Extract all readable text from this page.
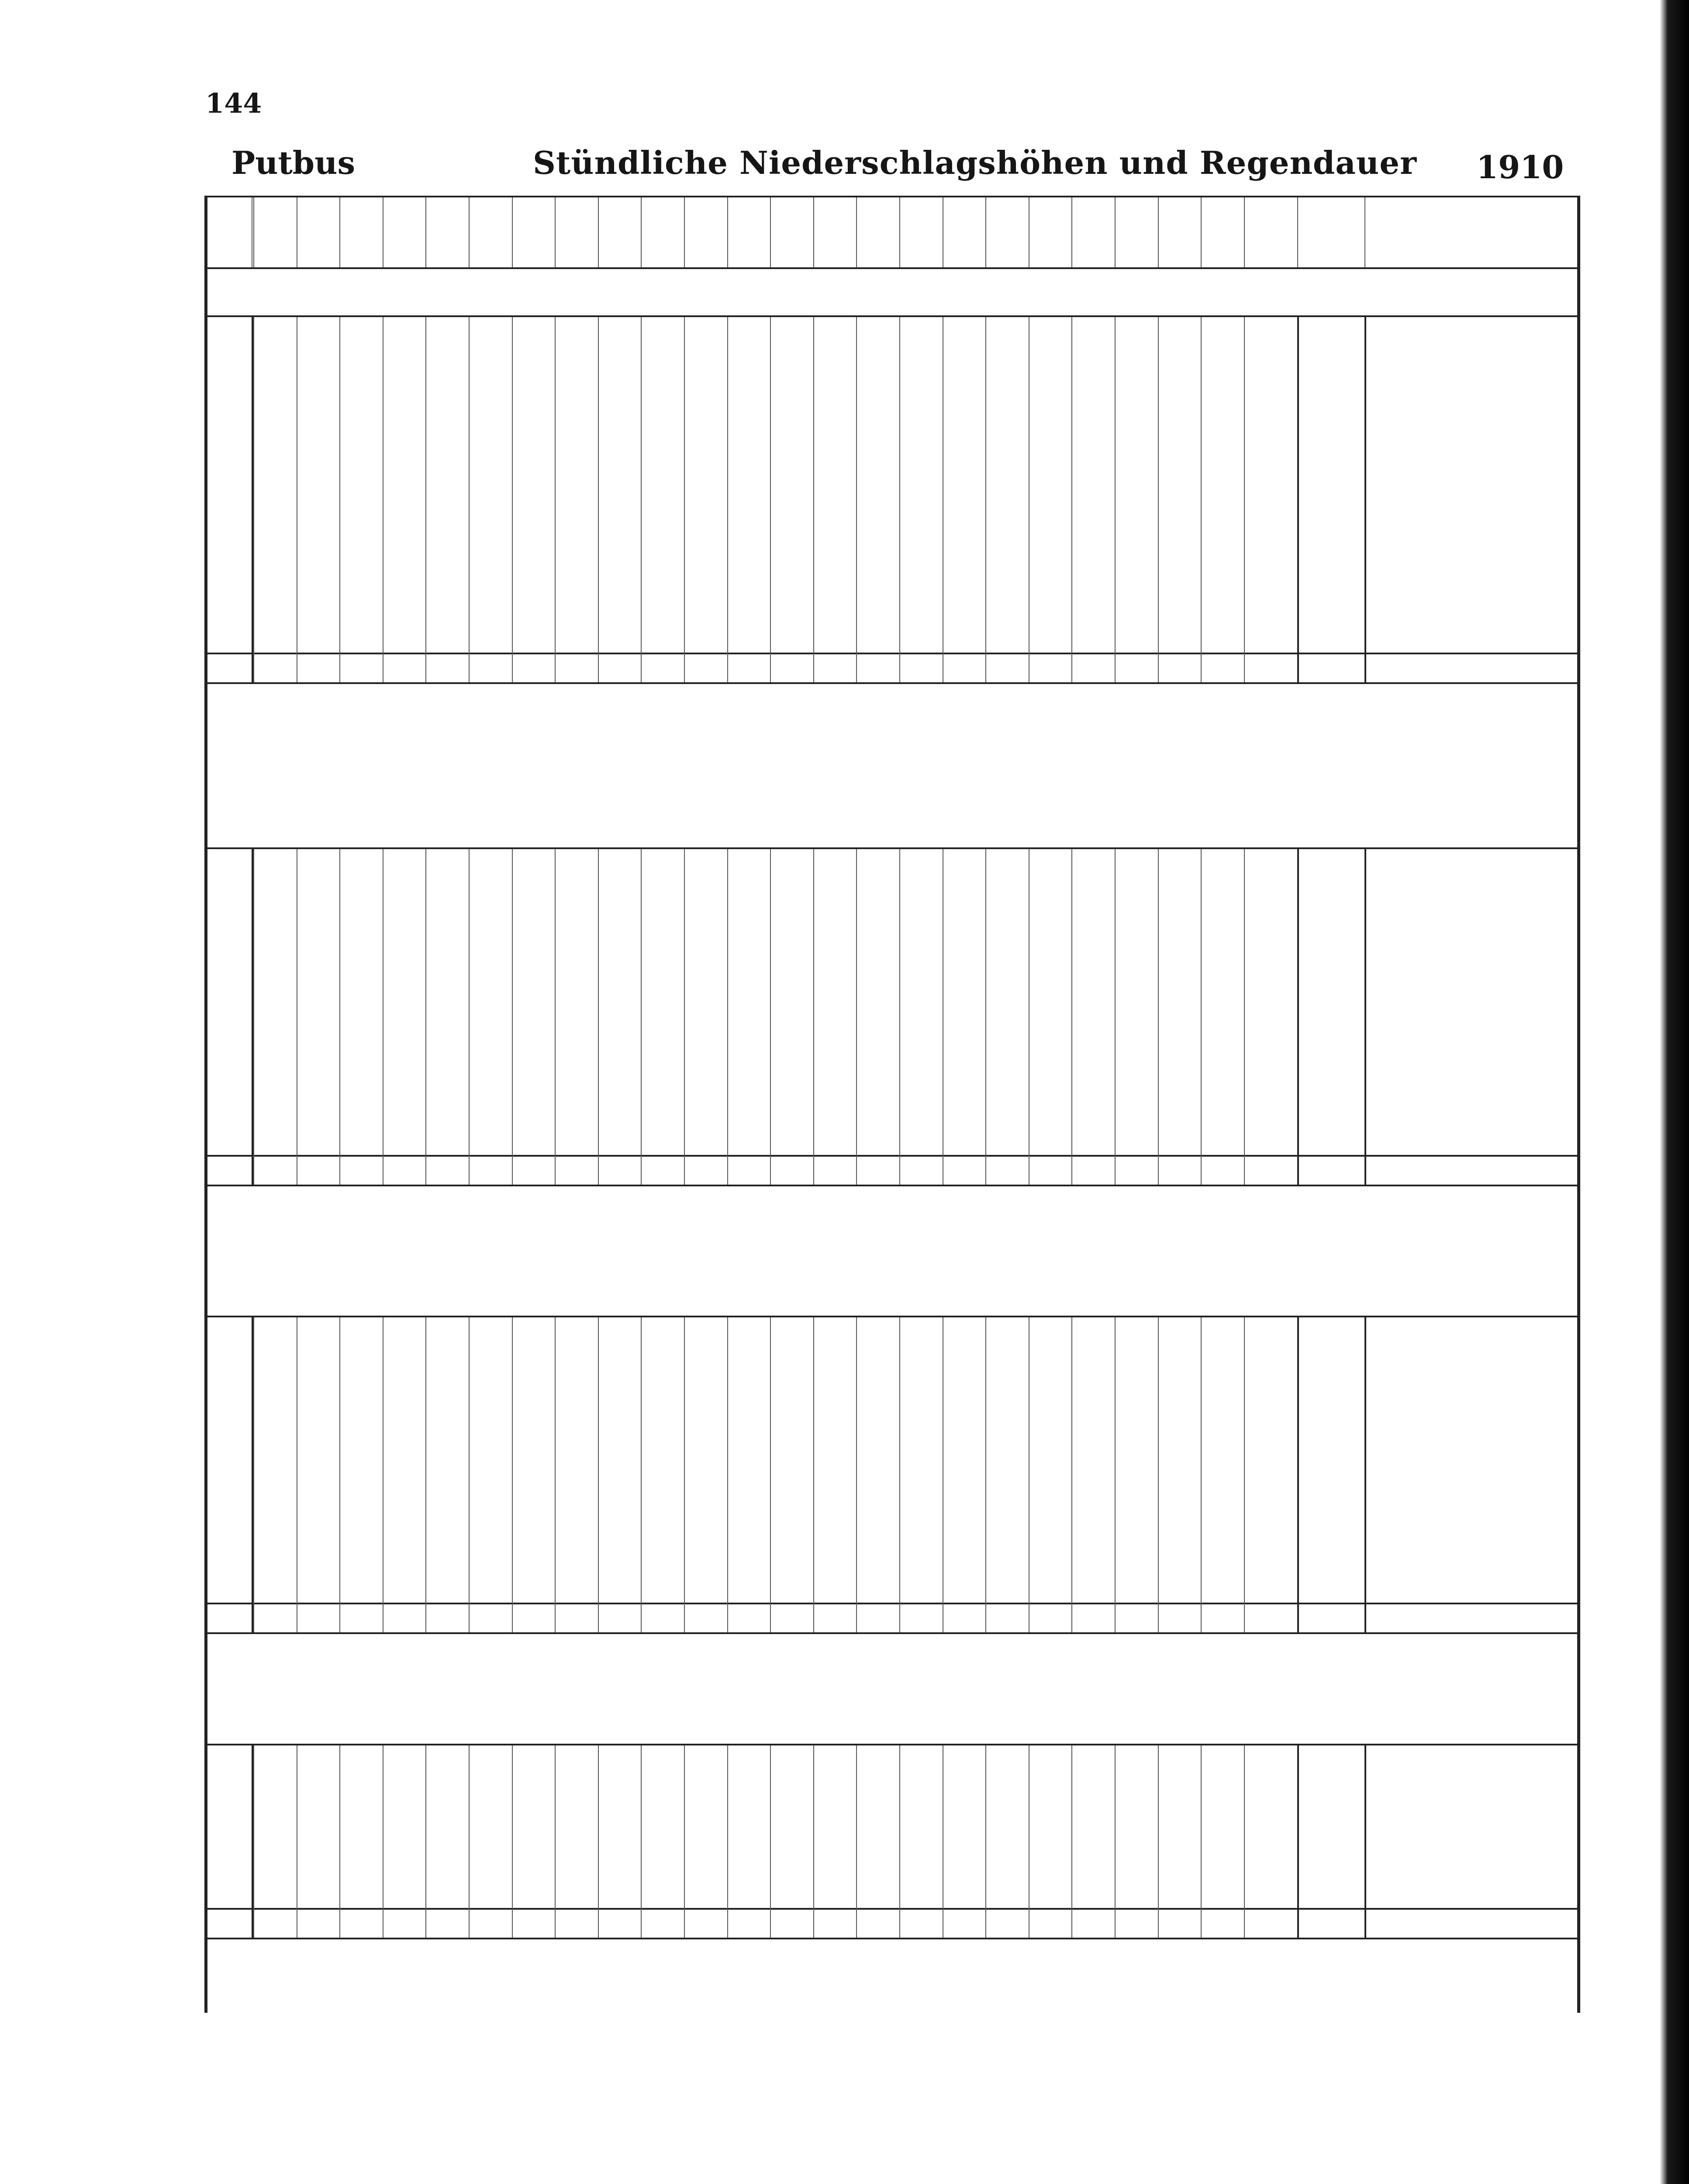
144
Putbus	Stündliche Niederschlagshöhen und Regendauer 1910
